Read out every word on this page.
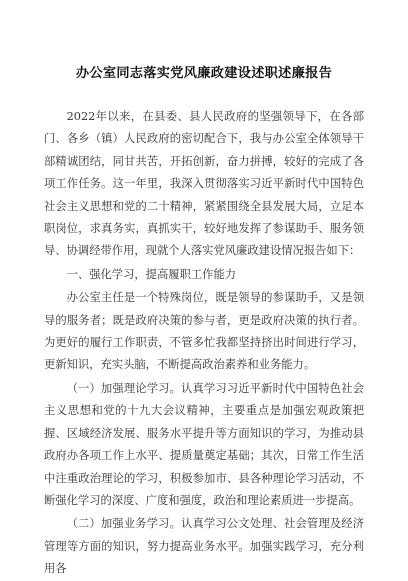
办公室同志落实党风廉政建设述职述廉报告

2022年以来，在县委、县人民政府的坚强领导下，在各部门、各乡（镇）人民政府的密切配合下，我与办公室全体领导干部精诚团结，同甘共苦，开拓创新，奋力拼搏，较好的完成了各项工作任务。这一年里，我深入贯彻落实习近平新时代中国特色社会主义思想和党的二十精神，紧紧围绕全县发展大局，立足本职岗位，求真务实，真抓实干，较好地发挥了参谋助手、服务领导、协调经带作用，现就个人落实党风廉政建设情况报告如下：

一、强化学习，提高履职工作能力

办公室主任是一个特殊岗位，既是领导的参谋助手，又是领导的服务者；既是政府决策的参与者，更是政府决策的执行者。为更好的履行工作职责，不管多忙我都坚持挤出时间进行学习，更新知识，充实头脑，不断提高政治素养和业务能力。

（一）加强理论学习。认真学习习近平新时代中国特色社会主义思想和党的十九大会议精神，主要重点是加强宏观政策把握、区域经济发展、服务水平提升等方面知识的学习，为推动县政府办各项工作上水平、提质量奠定基础；其次，日常工作生活中注重政治理论的学习，积极参加市、县各种理论学习活动，不断强化学习的深度、广度和强度，政治和理论素质进一步提高。

（二）加强业务学习。认真学习公文处理、社会管理及经济管理等方面的知识，努力提高业务水平。加强实践学习，充分利用各
